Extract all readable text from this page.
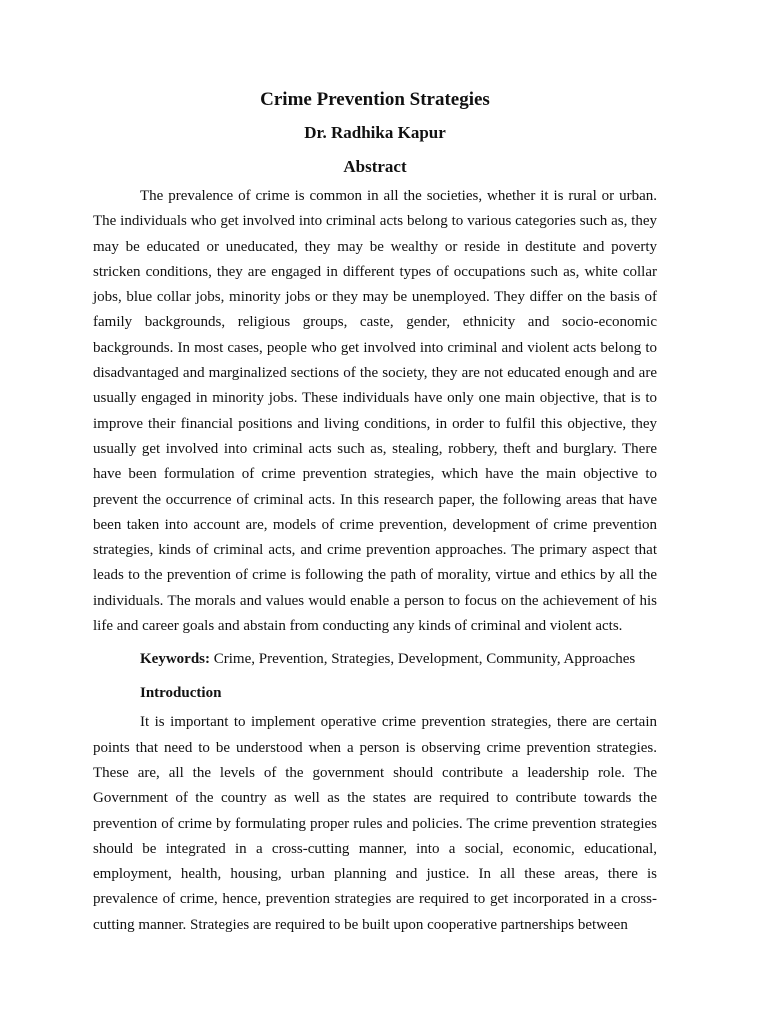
Crime Prevention Strategies
Dr. Radhika Kapur
Abstract

The prevalence of crime is common in all the societies, whether it is rural or urban. The individuals who get involved into criminal acts belong to various categories such as, they may be educated or uneducated, they may be wealthy or reside in destitute and poverty stricken conditions, they are engaged in different types of occupations such as, white collar jobs, blue collar jobs, minority jobs or they may be unemployed. They differ on the basis of family backgrounds, religious groups, caste, gender, ethnicity and socio-economic backgrounds. In most cases, people who get involved into criminal and violent acts belong to disadvantaged and marginalized sections of the society, they are not educated enough and are usually engaged in minority jobs. These individuals have only one main objective, that is to improve their financial positions and living conditions, in order to fulfil this objective, they usually get involved into criminal acts such as, stealing, robbery, theft and burglary. There have been formulation of crime prevention strategies, which have the main objective to prevent the occurrence of criminal acts. In this research paper, the following areas that have been taken into account are, models of crime prevention, development of crime prevention strategies, kinds of criminal acts, and crime prevention approaches. The primary aspect that leads to the prevention of crime is following the path of morality, virtue and ethics by all the individuals. The morals and values would enable a person to focus on the achievement of his life and career goals and abstain from conducting any kinds of criminal and violent acts.

Keywords: Crime, Prevention, Strategies, Development, Community, Approaches
Introduction

It is important to implement operative crime prevention strategies, there are certain points that need to be understood when a person is observing crime prevention strategies. These are, all the levels of the government should contribute a leadership role. The Government of the country as well as the states are required to contribute towards the prevention of crime by formulating proper rules and policies. The crime prevention strategies should be integrated in a cross-cutting manner, into a social, economic, educational, employment, health, housing, urban planning and justice. In all these areas, there is prevalence of crime, hence, prevention strategies are required to get incorporated in a cross-cutting manner. Strategies are required to be built upon cooperative partnerships between
